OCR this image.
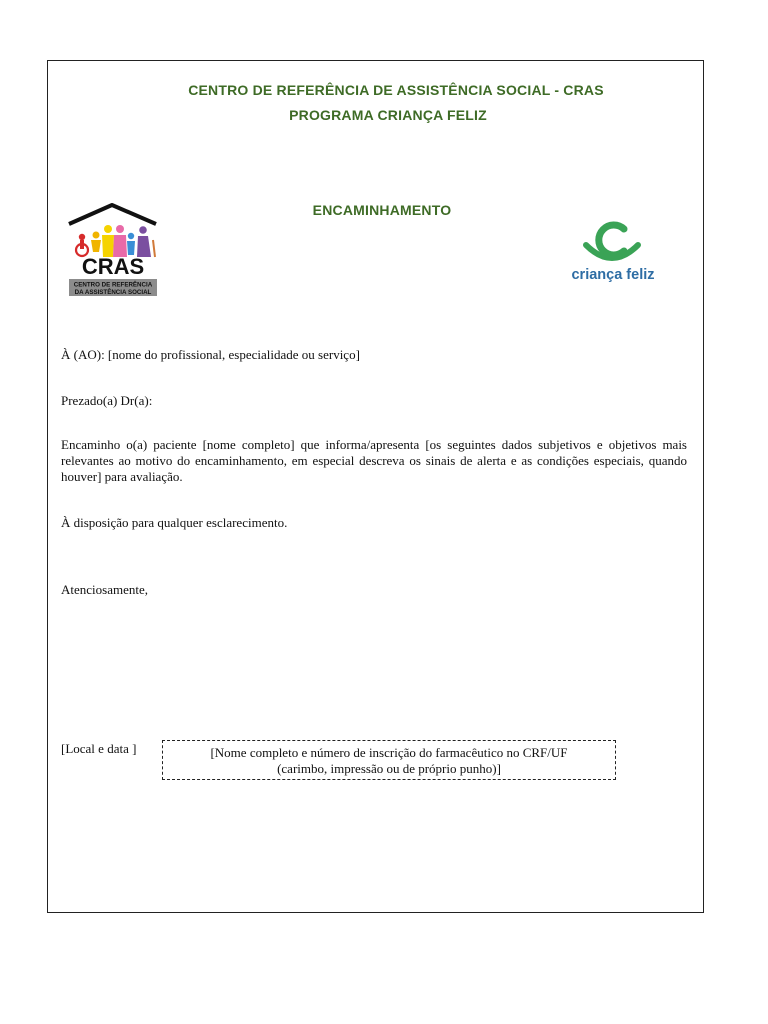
CENTRO DE REFERÊNCIA DE ASSISTÊNCIA SOCIAL - CRAS
PROGRAMA CRIANÇA FELIZ
ENCAMINHAMENTO
CRAS
CENTRO DE REFERÊNCIA
DA ASSISTÊNCIA SOCIAL
criança feliz
À (AO): [nome do profissional, especialidade ou serviço]
Prezado(a) Dr(a):
Encaminho o(a) paciente [nome completo] que informa/apresenta [os seguintes dados subjetivos e objetivos mais relevantes ao motivo do encaminhamento, em especial descreva os sinais de alerta e as condições especiais, quando houver] para avaliação.
À disposição para qualquer esclarecimento.
Atenciosamente,
[Local e data ]	[Nome completo e número de inscrição do farmacêutico no CRF/UF
(carimbo, impressão ou de próprio punho)]
